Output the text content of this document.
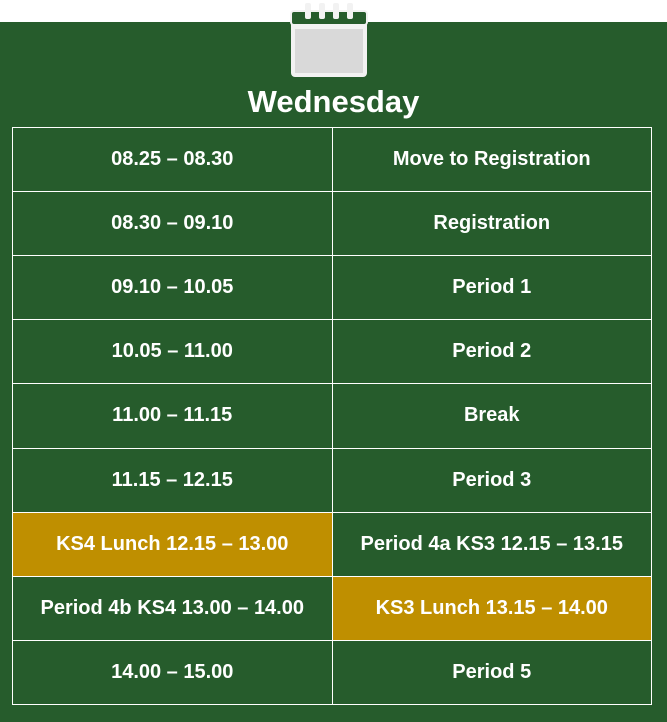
Wednesday
08.25 – 08.30	Move to Registration
08.30 – 09.10	Registration
09.10 – 10.05	Period 1
10.05 – 11.00	Period 2
11.00 – 11.15	Break
11.15 – 12.15	Period 3
KS4 Lunch 12.15 – 13.00	Period 4a KS3 12.15 – 13.15
Period 4b KS4 13.00 – 14.00	KS3 Lunch 13.15 – 14.00
14.00 – 15.00	Period 5
